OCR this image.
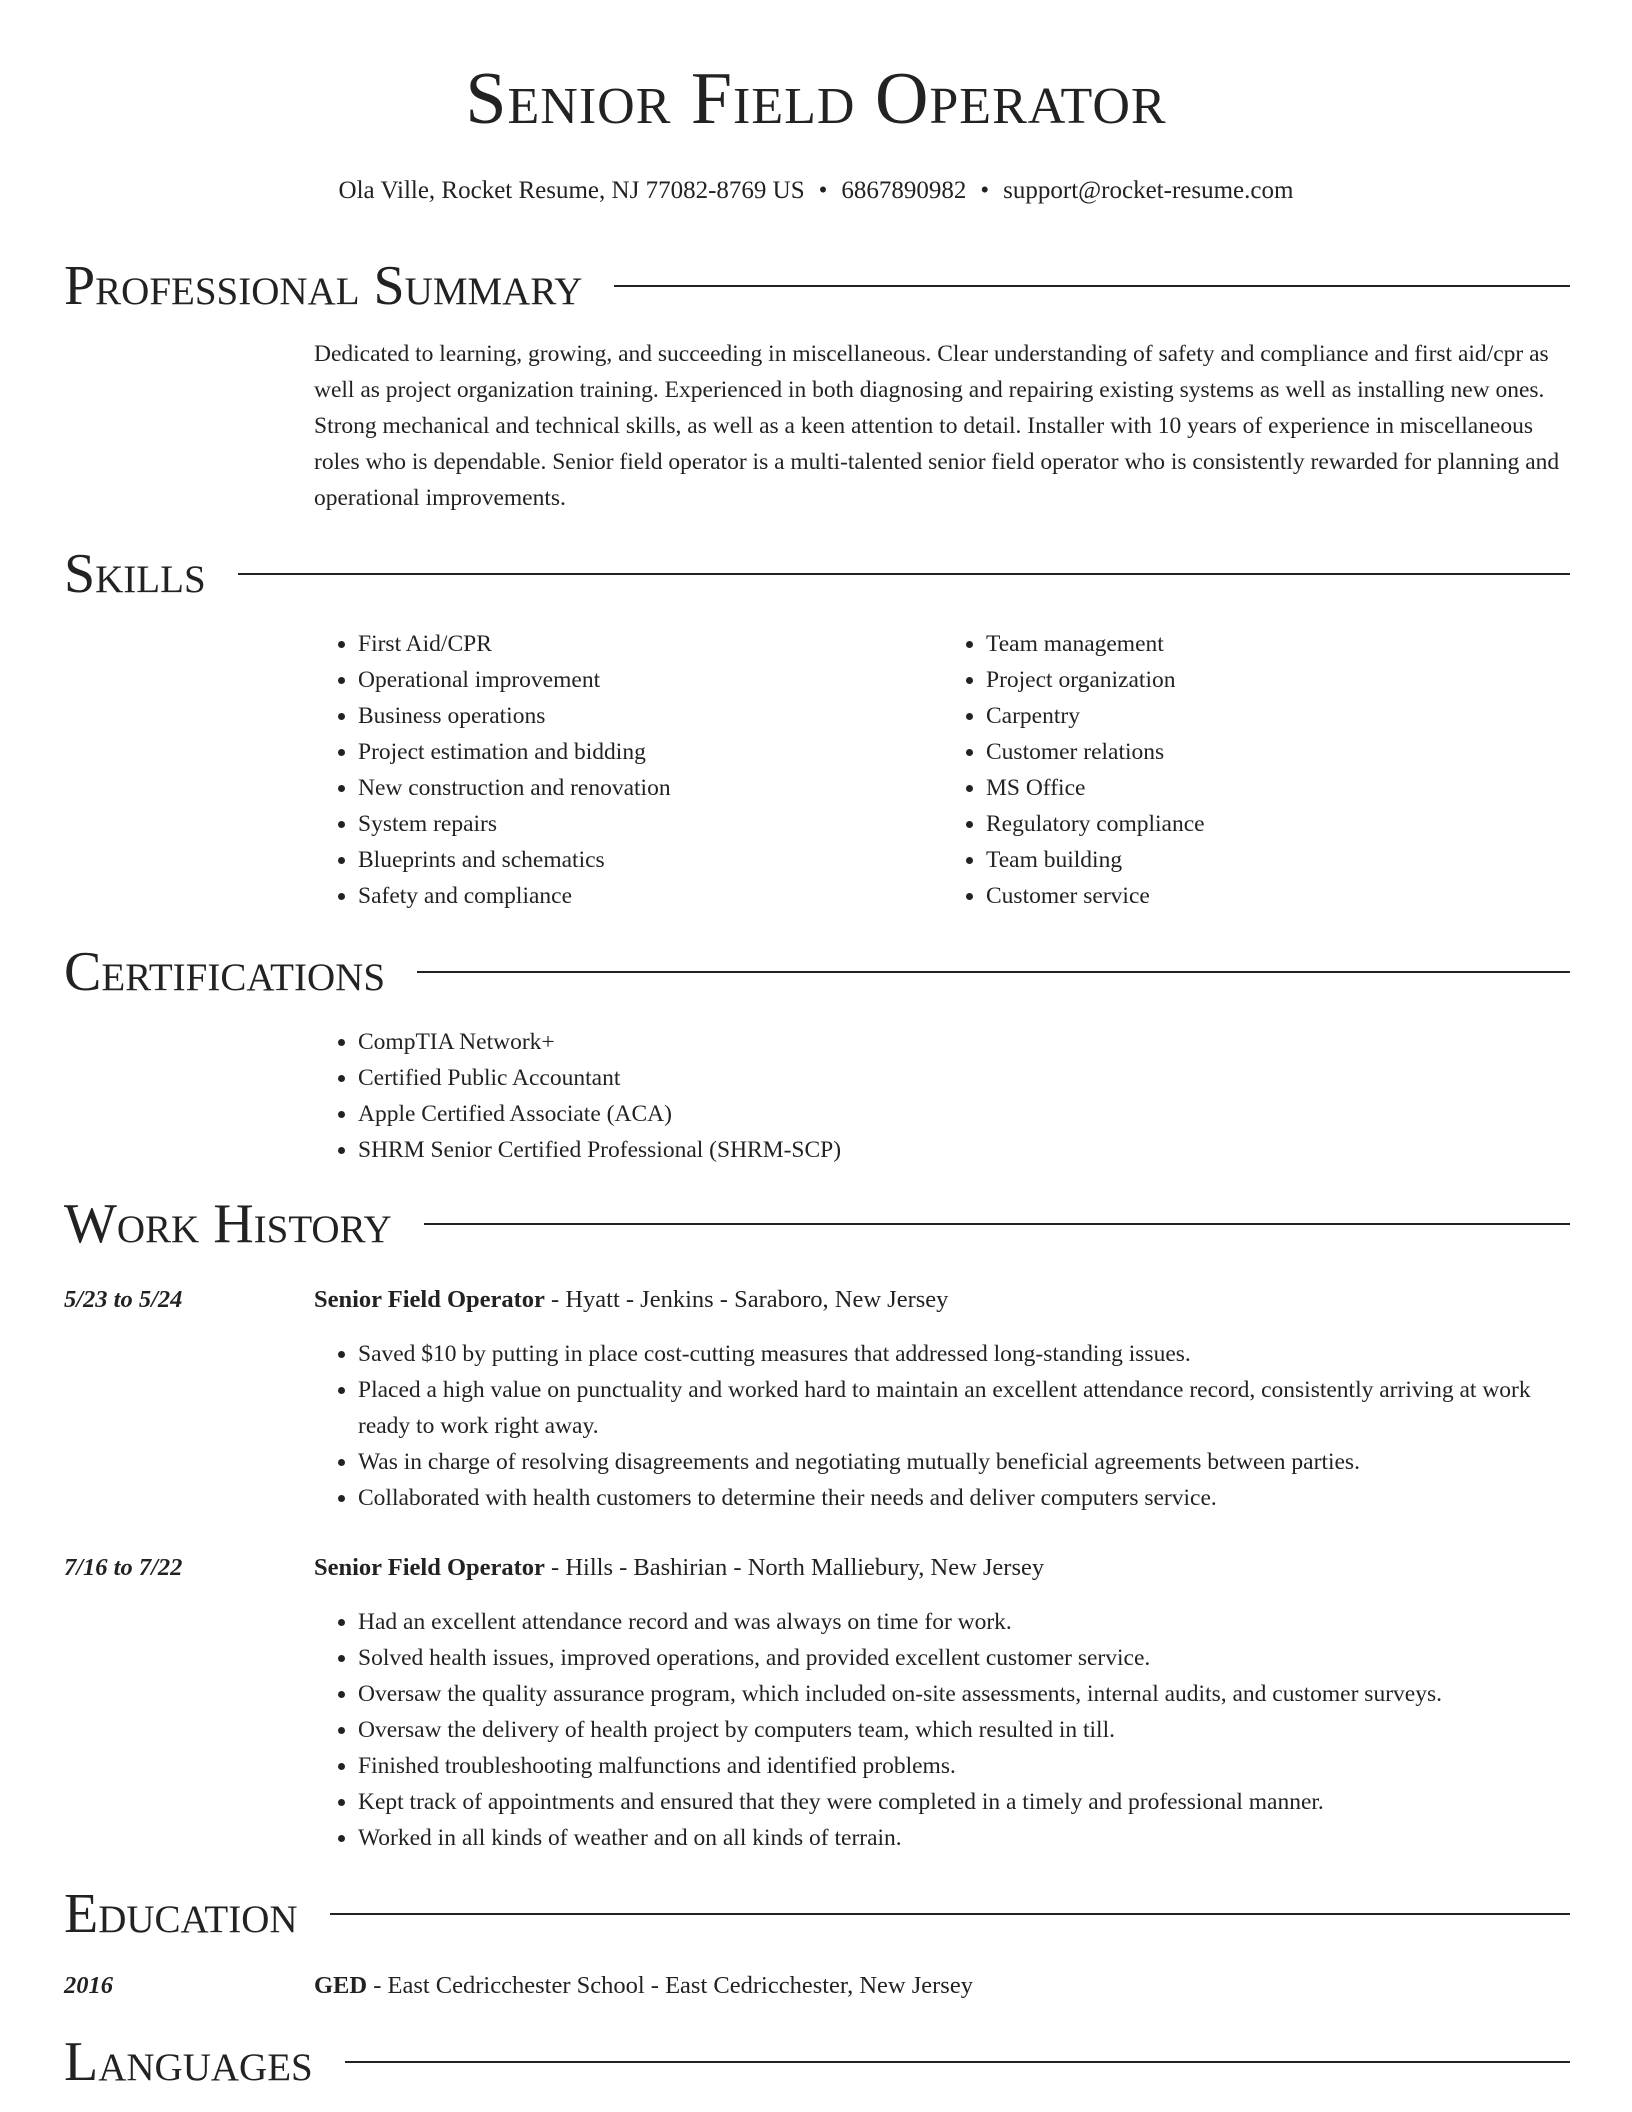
Senior Field Operator
Ola Ville, Rocket Resume, NJ 77082-8769 US • 6867890982 • support@rocket-resume.com
Professional Summary

Dedicated to learning, growing, and succeeding in miscellaneous. Clear understanding of safety and compliance and first aid/cpr as well as project organization training. Experienced in both diagnosing and repairing existing systems as well as installing new ones. Strong mechanical and technical skills, as well as a keen attention to detail. Installer with 10 years of experience in miscellaneous roles who is dependable. Senior field operator is a multi-talented senior field operator who is consistently rewarded for planning and operational improvements.

Skills
• First Aid/CPR
• Operational improvement
• Business operations
• Project estimation and bidding
• New construction and renovation
• System repairs
• Blueprints and schematics
• Safety and compliance
• Team management
• Project organization
• Carpentry
• Customer relations
• MS Office
• Regulatory compliance
• Team building
• Customer service
Certifications
• CompTIA Network+
• Certified Public Accountant
• Apple Certified Associate (ACA)
• SHRM Senior Certified Professional (SHRM-SCP)
Work History
5/23 to 5/24	Senior Field Operator - Hyatt - Jenkins - Saraboro, New Jersey
• Saved $10 by putting in place cost-cutting measures that addressed long-standing issues.
• Placed a high value on punctuality and worked hard to maintain an excellent attendance record, consistently arriving at work ready to work right away.
• Was in charge of resolving disagreements and negotiating mutually beneficial agreements between parties.
• Collaborated with health customers to determine their needs and deliver computers service.
7/16 to 7/22	Senior Field Operator - Hills - Bashirian - North Malliebury, New Jersey
• Had an excellent attendance record and was always on time for work.
• Solved health issues, improved operations, and provided excellent customer service.
• Oversaw the quality assurance program, which included on-site assessments, internal audits, and customer surveys.
• Oversaw the delivery of health project by computers team, which resulted in till.
• Finished troubleshooting malfunctions and identified problems.
• Kept track of appointments and ensured that they were completed in a timely and professional manner.
• Worked in all kinds of weather and on all kinds of terrain.
Education
2016	GED - East Cedricchester School - East Cedricchester, New Jersey
Languages
